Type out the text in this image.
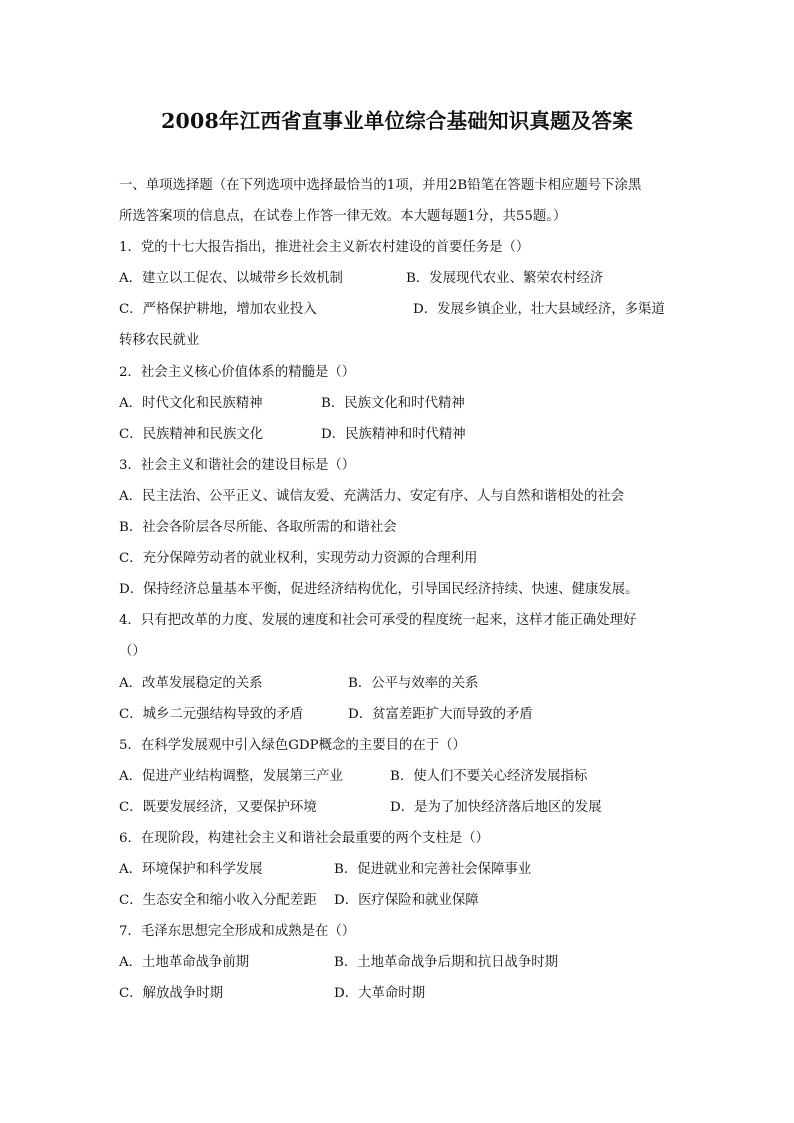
2008年江西省直事业单位综合基础知识真题及答案
一、单项选择题（在下列选项中选择最恰当的1项，并用2B铅笔在答题卡相应题号下涂黑
所选答案项的信息点，在试卷上作答一律无效。本大题每题1分，共55题。）
1．党的十七大报告指出，推进社会主义新农村建设的首要任务是（）
A．建立以工促农、以城带乡长效机制	B．发展现代农业、繁荣农村经济
C．严格保护耕地，增加农业投入	D．发展乡镇企业，壮大县域经济，多渠道
转移农民就业
2．社会主义核心价值体系的精髓是（）
A．时代文化和民族精神	B．民族文化和时代精神
C．民族精神和民族文化	D．民族精神和时代精神
3．社会主义和谐社会的建设目标是（）
A．民主法治、公平正义、诚信友爱、充满活力、安定有序、人与自然和谐相处的社会
B．社会各阶层各尽所能、各取所需的和谐社会
C．充分保障劳动者的就业权利，实现劳动力资源的合理利用
D．保持经济总量基本平衡，促进经济结构优化，引导国民经济持续、快速、健康发展。
4．只有把改革的力度、发展的速度和社会可承受的程度统一起来，这样才能正确处理好
（）
A．改革发展稳定的关系	B．公平与效率的关系
C．城乡二元强结构导致的矛盾	D．贫富差距扩大而导致的矛盾
5．在科学发展观中引入绿色GDP概念的主要目的在于（）
A．促进产业结构调整，发展第三产业	B．使人们不要关心经济发展指标
C．既要发展经济，又要保护环境	D．是为了加快经济落后地区的发展
6．在现阶段，构建社会主义和谐社会最重要的两个支柱是（）
A．环境保护和科学发展	B．促进就业和完善社会保障事业
C．生态安全和缩小收入分配差距 D．医疗保险和就业保障
7．毛泽东思想完全形成和成熟是在（）
A．土地革命战争前期	B．土地革命战争后期和抗日战争时期
C．解放战争时期	D．大革命时期
